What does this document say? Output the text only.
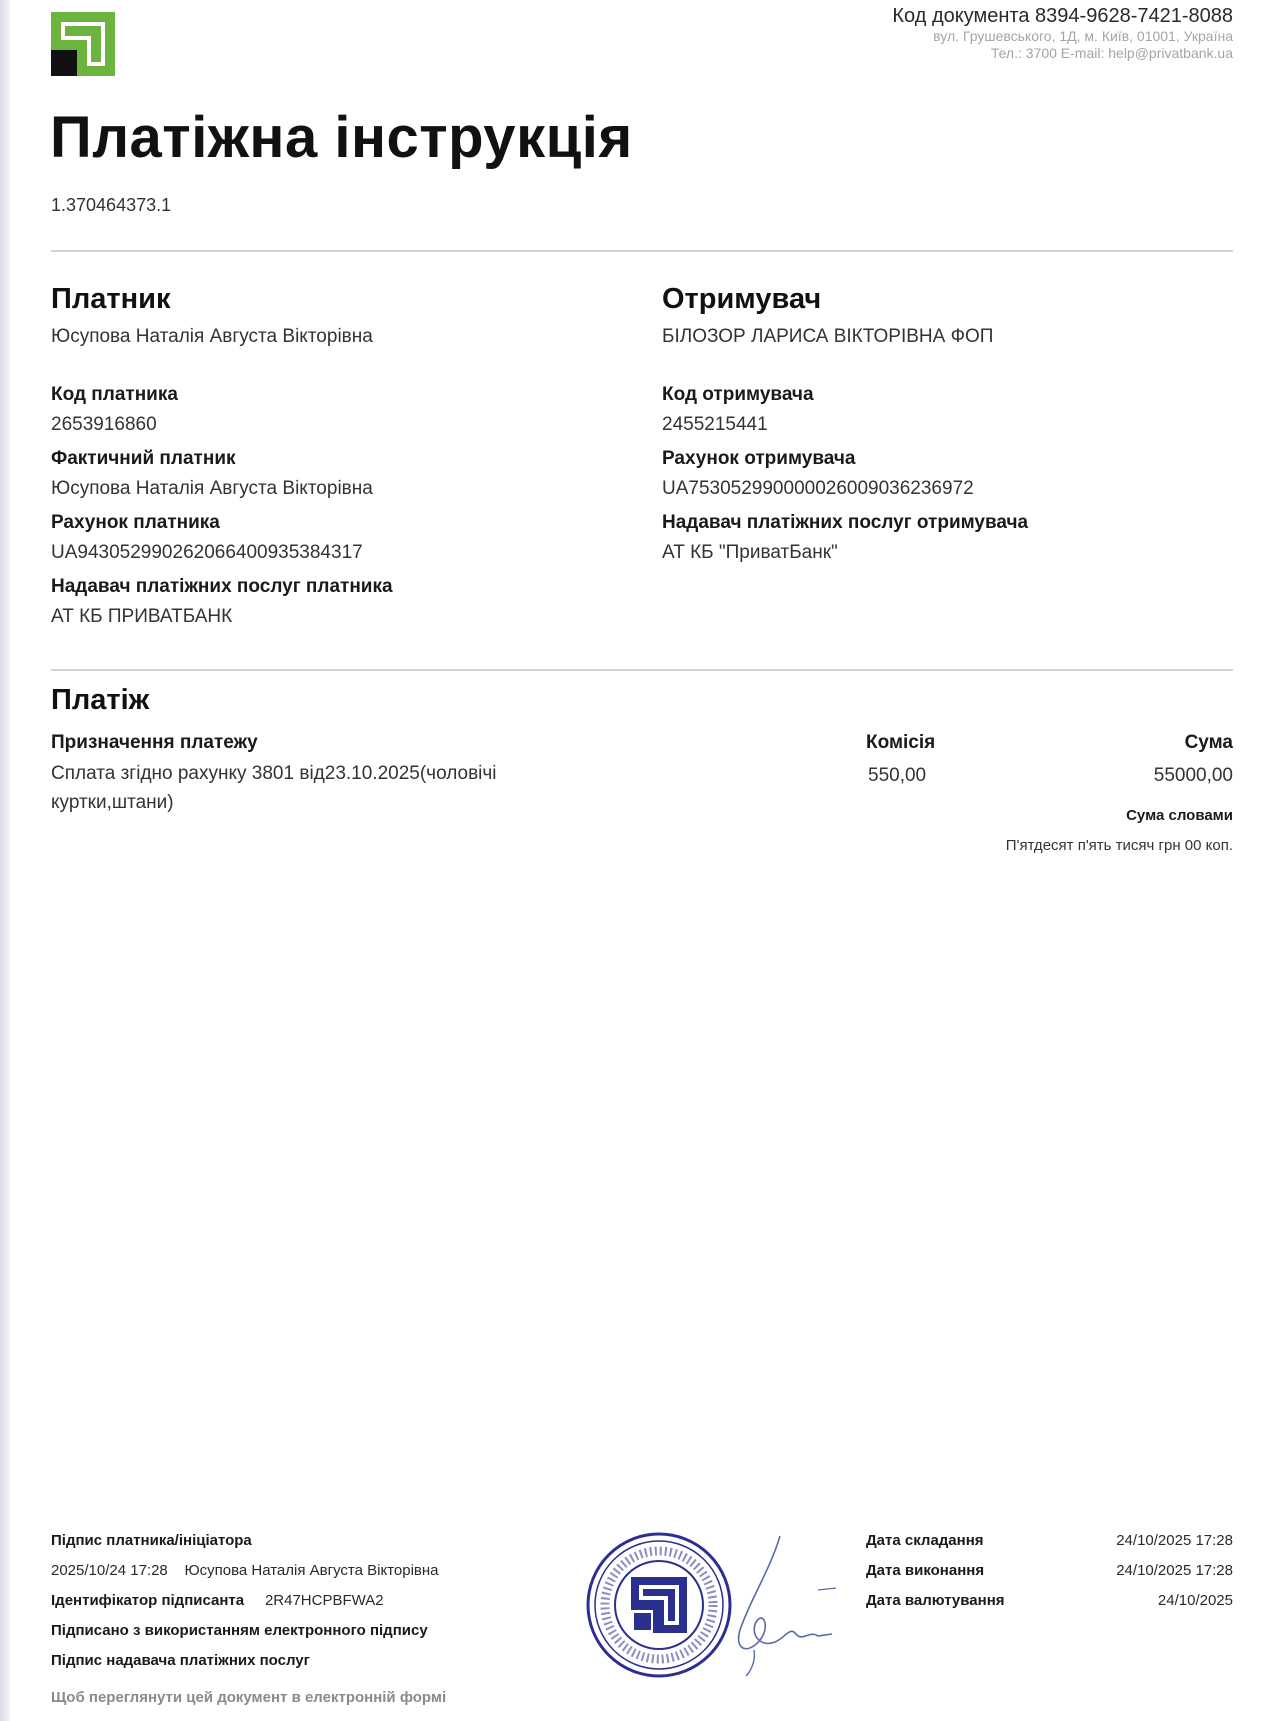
Код документа 8394-9628-7421-8088
вул. Грушевського, 1Д, м. Київ, 01001, Україна
Тел.: 3700 E-mail: help@privatbank.ua
Платіжна інструкція
1.370464373.1
Платник
Юсупова Наталія Августа Вікторівна
Код платника
2653916860
Фактичний платник
Юсупова Наталія Августа Вікторівна
Рахунок платника
UA943052990262066400935384317
Надавач платіжних послуг платника
АТ КБ ПРИВАТБАНК
Отримувач
БІЛОЗОР ЛАРИСА ВІКТОРІВНА ФОП
Код отримувача
2455215441
Рахунок отримувача
UA753052990000026009036236972
Надавач платіжних послуг отримувача
АТ КБ "ПриватБанк"
Платіж
Призначення платежу
Сплата згідно рахунку 3801 від23.10.2025(чоловічі
куртки,штани)
Комісія
550,00
Сума
55000,00
Сума словами
П'ятдесят п'ять тисяч грн 00 коп.
Підпис платника/ініціатора
2025/10/24 17:28 Юсупова Наталія Августа Вікторівна
Ідентифікатор підписанта 2R47HCPBFWA2
Підписано з використанням електронного підпису
Підпис надавача платіжних послуг
Щоб переглянути цей документ в електронній формі
Дата складання	24/10/2025 17:28
Дата виконання	24/10/2025 17:28
Дата валютування	24/10/2025
